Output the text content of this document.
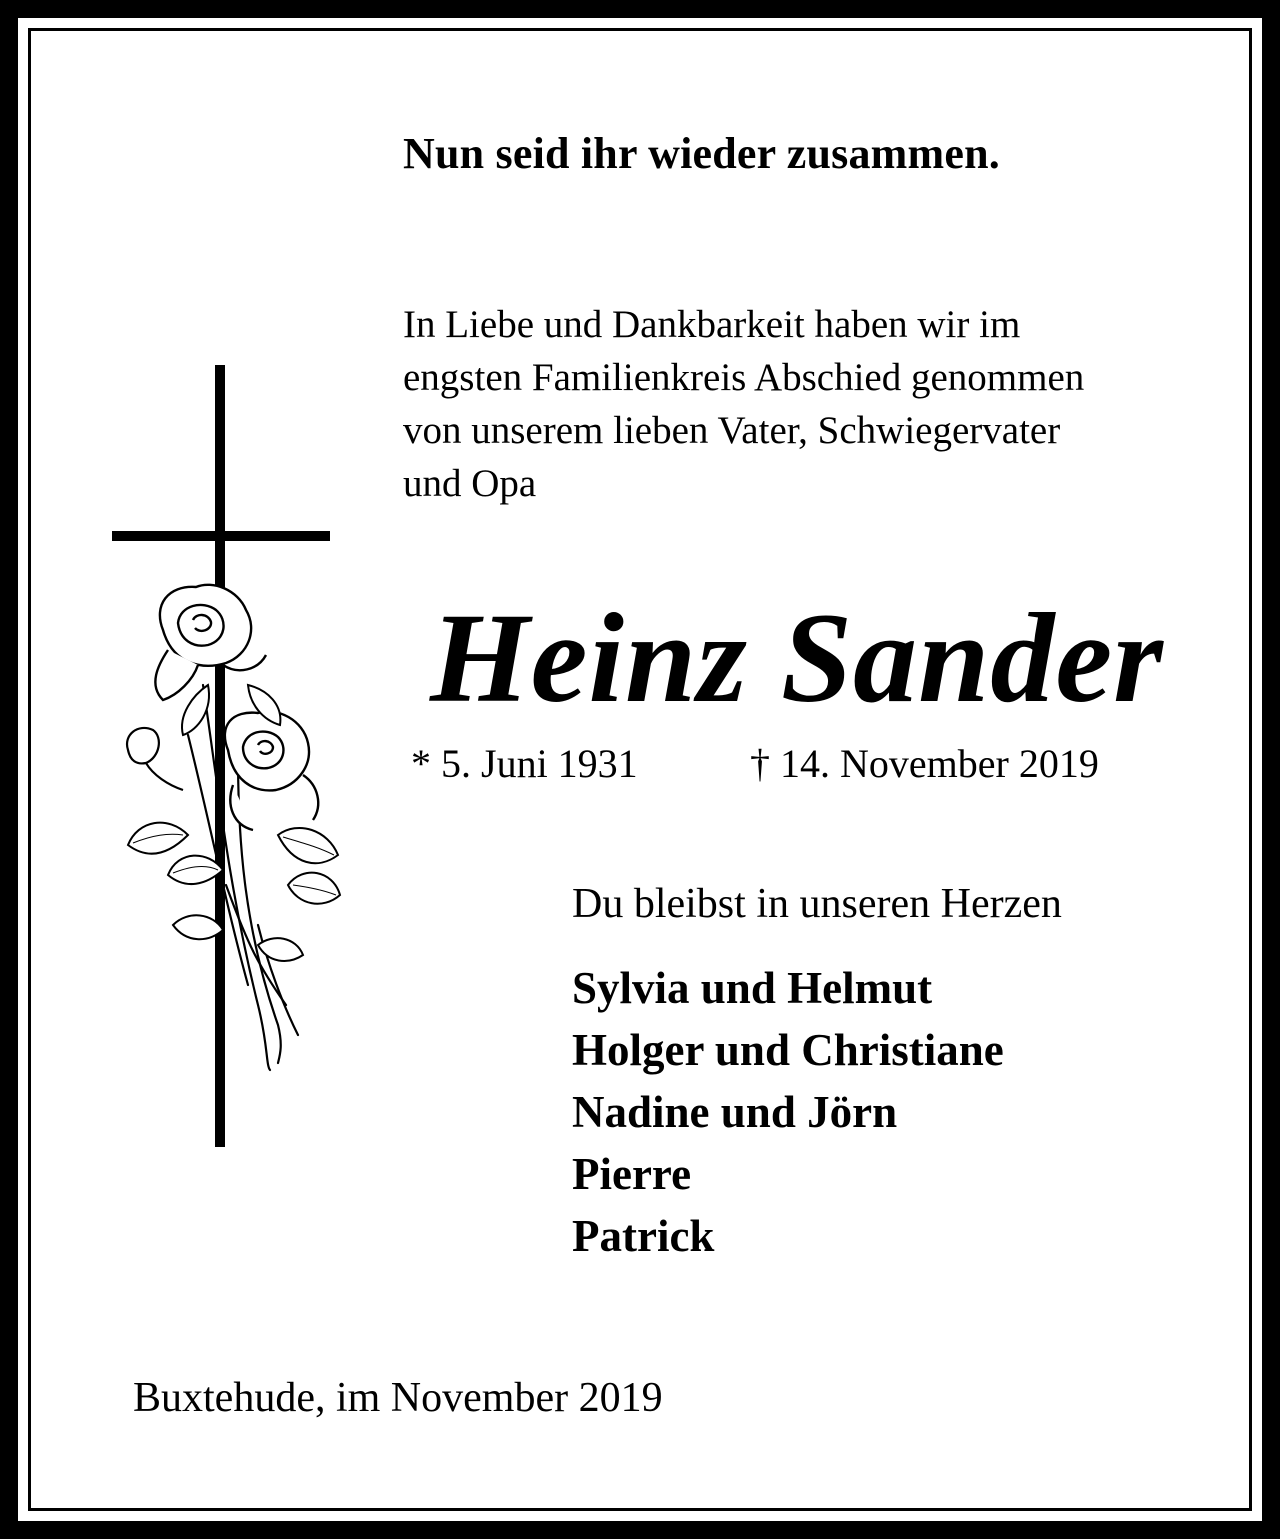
Nun seid ihr wieder zusammen.
In Liebe und Dankbarkeit haben wir im
engsten Familienkreis Abschied genommen
von unserem lieben Vater, Schwiegervater
und Opa
Heinz Sander
* 5. Juni 1931	† 14. November 2019
Du bleibst in unseren Herzen
Sylvia und Helmut
Holger und Christiane
Nadine und Jörn
Pierre
Patrick
Buxtehude, im November 2019
